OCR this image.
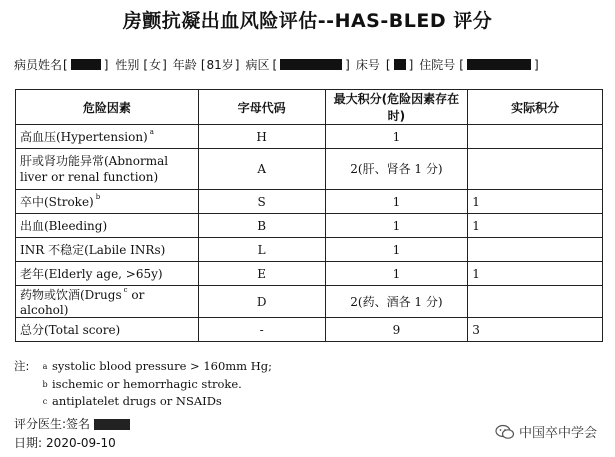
房颤抗凝出血风险评估--HAS-BLED 评分
病员姓名 [	] 性别 [ 女 ] 年龄 [ 81岁 ] 病区 [	] 床号 [ ] 住院号 [	]
危险因素	字母代码	最大积分(危险因素存在时)	实际积分
高血压(Hypertension) $^a$	H	1	
肝或肾功能异常(Abnormal liver or renal function)	A	2(肝、肾各 1 分)	
卒中(Stroke) $^b$	S	1	1
出血(Bleeding)	B	1	1
INR 不稳定(Labile INRs)	L	1	
老年(Elderly age, >65y)	E	1	1
药物或饮酒(Drugs $^c$ or alcohol)	D	2(药、酒各 1 分)	
总分(Total score)	-	9	3
注:	a systolic blood pressure > 160mm Hg;
b ischemic or hemorrhagic stroke.
c antiplatelet drugs or NSAIDs
评分医生:签名
日期: 2020-09-10
中国卒中学会
